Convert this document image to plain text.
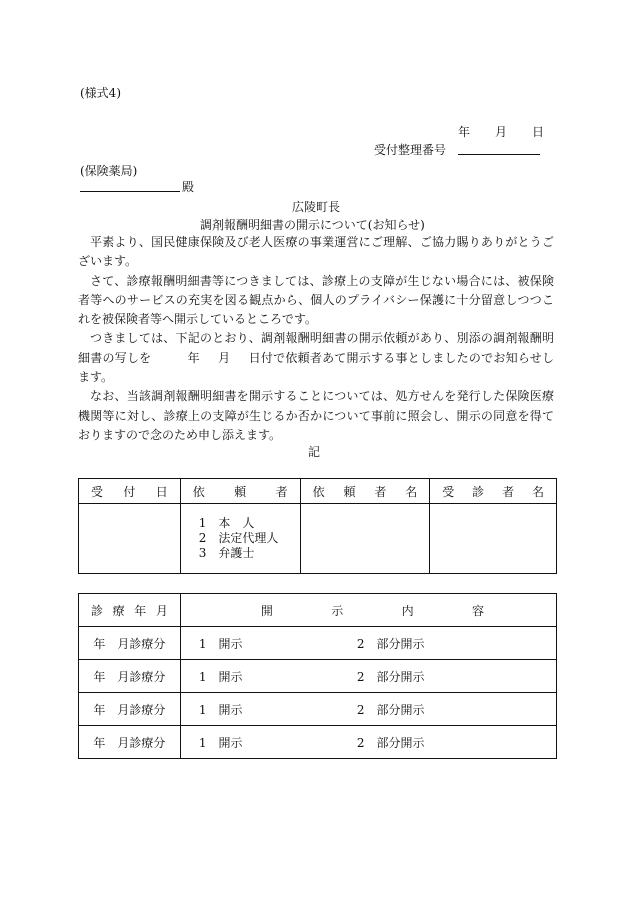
(様式4)
年 月 日
受付整理番号
(保険薬局)
殿
広陵町長
調剤報酬明細書の開示について(お知らせ)

平素より、国民健康保険及び老人医療の事業運営にご理解、ご協力賜りありがとうございます。

さて、診療報酬明細書等につきましては、診療上の支障が生じない場合には、被保険者等へのサービスの充実を図る観点から、個人のプライバシー保護に十分留意しつつこれを被保険者等へ開示しているところです。

つきましては、下記のとおり、調剤報酬明細書の開示依頼があり、別添の調剤報酬明細書の写しを	年 月 日付で依頼者あて開示する事としましたのでお知らせします。

なお、当該調剤報酬明細書を開示することについては、処方せんを発行した保険医療機関等に対し、診療上の支障が生じるか否かについて事前に照会し、開示の同意を得ておりますので念のため申し添えます。

記
受 付 日	依 頼 者	依 頼 者 名	受 診 者 名

	1　本　人
2　法定代理人
3　弁護士		

診 療 年 月	開 示 内 容

年　月診療分	1　開示 2　部分開示

年　月診療分	1　開示 2　部分開示

年　月診療分	1　開示 2　部分開示

年　月診療分	1　開示 2　部分開示
